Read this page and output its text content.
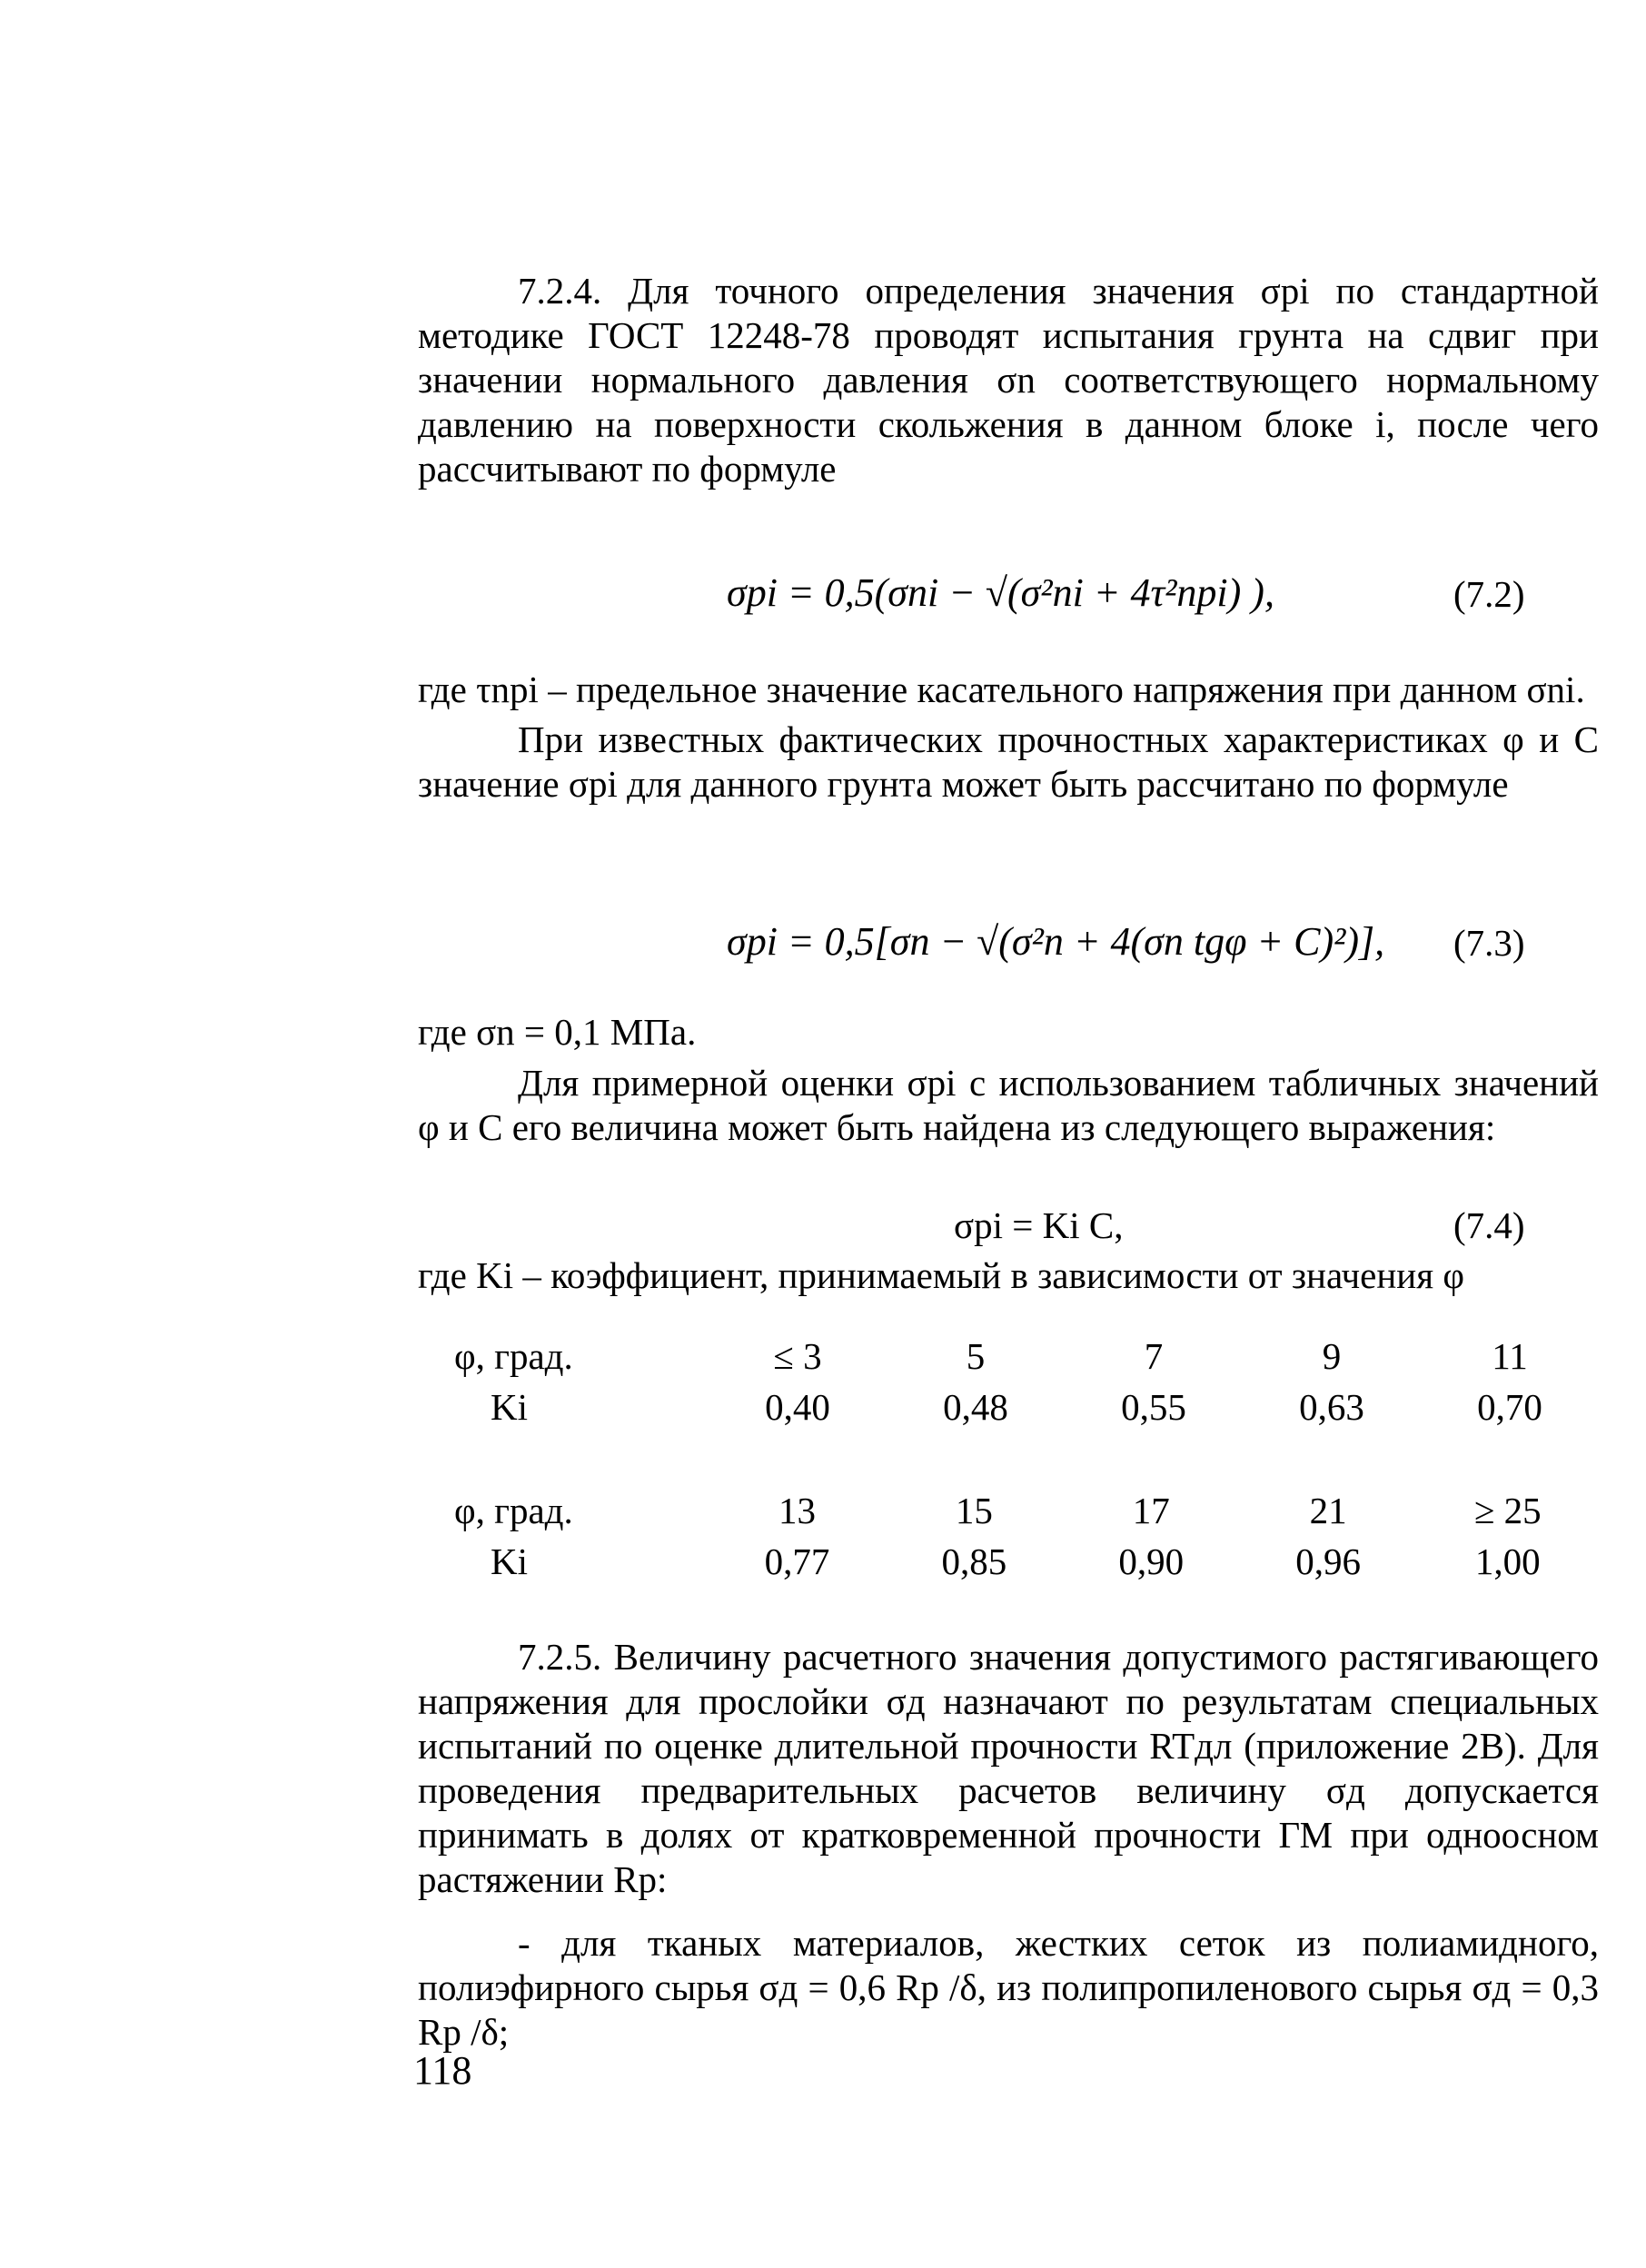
7.2.4. Для точного определения значения σpi по стандартной методике ГОСТ 12248-78 проводят испытания грунта на сдвиг при значении нормального давления σn соответствующего нормальному давлению на поверхности скольжения в данном блоке i, после чего рассчитывают по формуле
σpi = 0,5(σni − √(σ²ni + 4τ²npi) ),	(7.2)
где τnpi – предельное значение касательного напряжения при данном σni.
При известных фактических прочностных характеристиках φ и С значение σpi для данного грунта может быть рассчитано по формуле
σpi = 0,5[σn − √(σ²n + 4(σn tgφ + C)²)], (7.3)
где σn = 0,1 МПа.
Для примерной оценки σpi с использованием табличных значений φ и С его величина может быть найдена из следующего выражения:
σpi = Ki C,	(7.4)
где Ki – коэффициент, принимаемый в зависимости от значения φ
φ, град.	≤ 3	5	7	9	11
Ki	0,40	0,48	0,55	0,63	0,70
φ, град.	13	15	17	21	≥ 25
Ki	0,77	0,85	0,90	0,96	1,00
7.2.5. Величину расчетного значения допустимого растягивающего напряжения для прослойки σд назначают по результатам специальных испытаний по оценке длительной прочности RTдл (приложение 2В). Для проведения предварительных расчетов величину σд допускается принимать в долях от кратковременной прочности ГМ при одноосном растяжении Rр:
- для тканых материалов, жестких сеток из полиамидного, полиэфирного сырья σд = 0,6 Rр /δ, из полипропиленового сырья σд = 0,3 Rр /δ;
118
